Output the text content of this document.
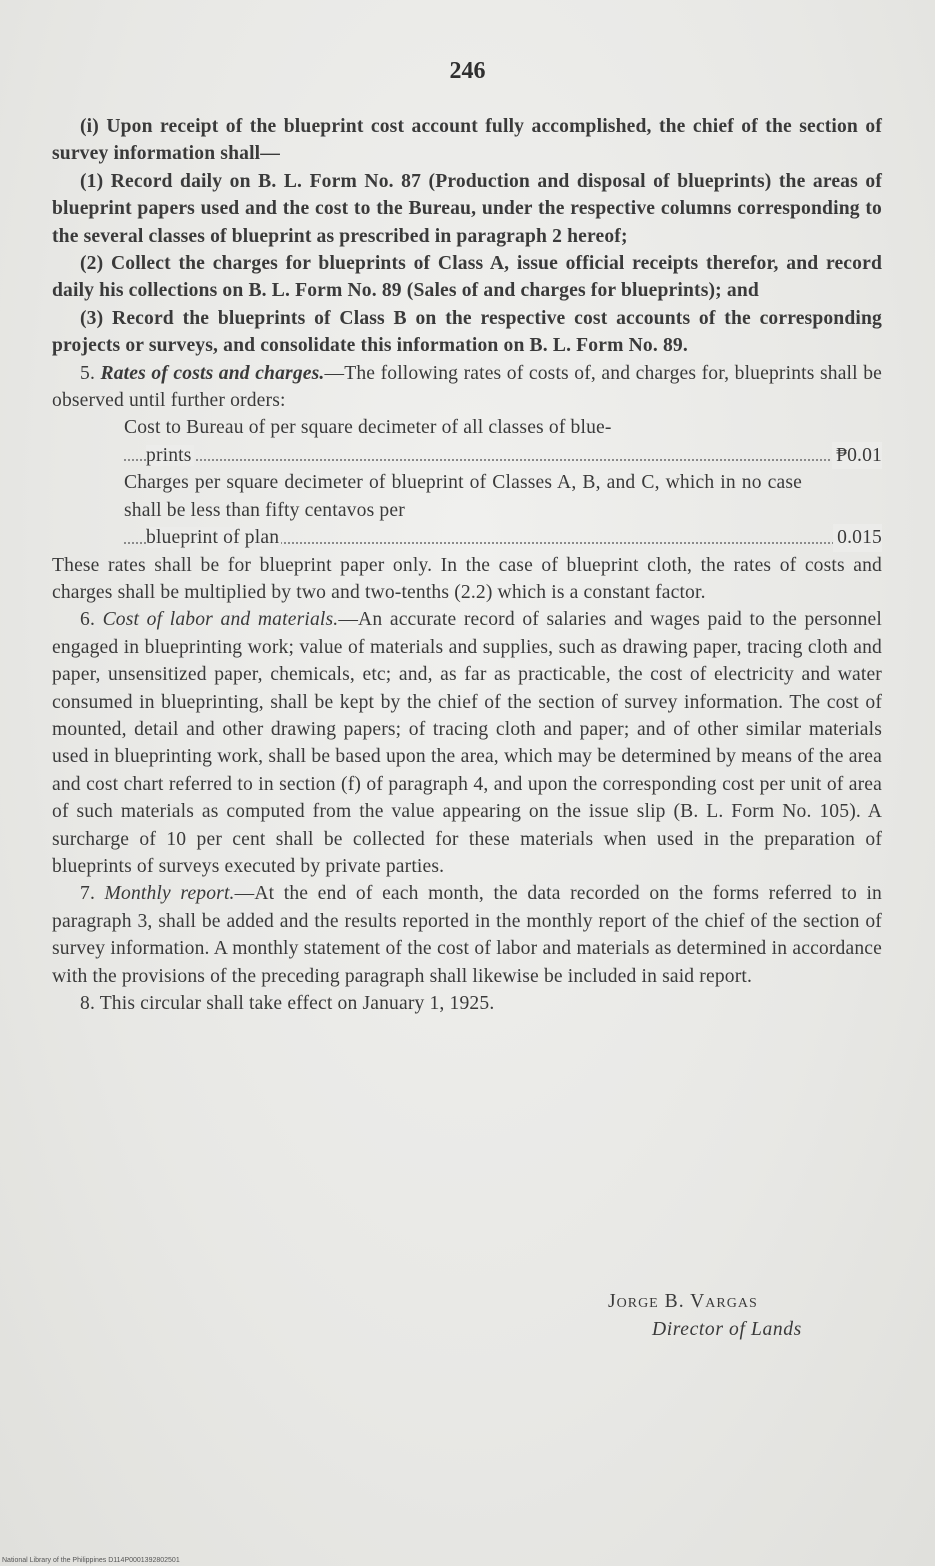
246

(i) Upon receipt of the blueprint cost account fully accomplished, the chief of the section of survey information shall—

(1) Record daily on B. L. Form No. 87 (Production and disposal of blueprints) the areas of blueprint papers used and the cost to the Bureau, under the respective columns corresponding to the several classes of blueprint as prescribed in paragraph 2 hereof;

(2) Collect the charges for blueprints of Class A, issue official receipts therefor, and record daily his collections on B. L. Form No. 89 (Sales of and charges for blueprints); and

(3) Record the blueprints of Class B on the respective cost accounts of the corresponding projects or surveys, and consolidate this information on B. L. Form No. 89.

5. Rates of costs and charges.—The following rates of costs of, and charges for, blueprints shall be observed until further orders:

Cost to Bureau of per square decimeter of all classes of blue-
prints	₱0.01
Charges per square decimeter of blueprint of Classes A, B, and C, which in no case shall be less than fifty centavos per
blueprint of plan	0.015

These rates shall be for blueprint paper only. In the case of blueprint cloth, the rates of costs and charges shall be multiplied by two and two-tenths (2.2) which is a constant factor.

6. Cost of labor and materials.—An accurate record of salaries and wages paid to the personnel engaged in blueprinting work; value of materials and supplies, such as drawing paper, tracing cloth and paper, unsensitized paper, chemicals, etc; and, as far as practicable, the cost of electricity and water consumed in blueprinting, shall be kept by the chief of the section of survey information. The cost of mounted, detail and other drawing papers; of tracing cloth and paper; and of other similar materials used in blueprinting work, shall be based upon the area, which may be determined by means of the area and cost chart referred to in section (f) of paragraph 4, and upon the corresponding cost per unit of area of such materials as computed from the value appearing on the issue slip (B. L. Form No. 105). A surcharge of 10 per cent shall be collected for these materials when used in the preparation of blueprints of surveys executed by private parties.

7. Monthly report.—At the end of each month, the data recorded on the forms referred to in paragraph 3, shall be added and the results reported in the monthly report of the chief of the section of survey information. A monthly statement of the cost of labor and materials as determined in accordance with the provisions of the preceding paragraph shall likewise be included in said report.

8. This circular shall take effect on January 1, 1925.

Jorge B. Vargas
Director of Lands
National Library of the Philippines D114P0001392802501
